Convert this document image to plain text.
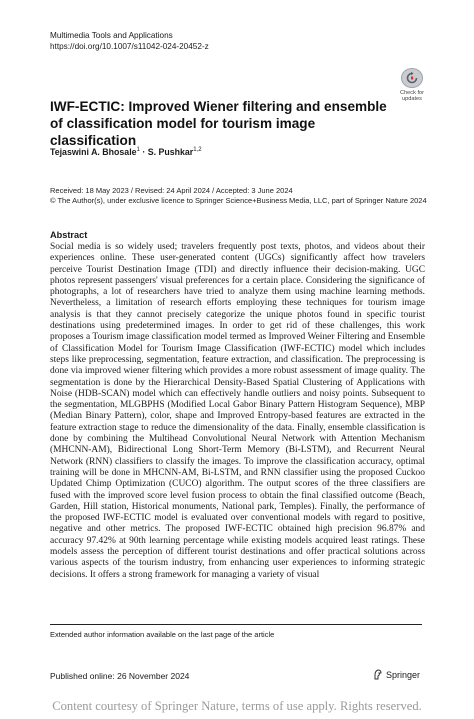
Multimedia Tools and Applications
https://doi.org/10.1007/s11042-024-20452-z
Check for
updates
IWF-ECTIC: Improved Wiener filtering and ensemble of classification model for tourism image classification
Tejaswini A. Bhosale$^1$ · S. Pushkar$^{1,2}$
Received: 18 May 2023 / Revised: 24 April 2024 / Accepted: 3 June 2024
© The Author(s), under exclusive licence to Springer Science+Business Media, LLC, part of Springer Nature 2024
Abstract
Social media is so widely used; travelers frequently post texts, photos, and videos about their experiences online. These user-generated content (UGCs) significantly affect how travelers perceive Tourist Destination Image (TDI) and directly influence their decision-making. UGC photos represent passengers' visual preferences for a certain place. Considering the significance of photographs, a lot of researchers have tried to analyze them using machine learning methods. Nevertheless, a limitation of research efforts employing these techniques for tourism image analysis is that they cannot precisely categorize the unique photos found in specific tourist destinations using predetermined images. In order to get rid of these challenges, this work proposes a Tourism image classification model termed as Improved Weiner Filtering and Ensemble of Classification Model for Tourism Image Classification (IWF-ECTIC) model which includes steps like preprocessing, segmentation, feature extraction, and classification. The preprocessing is done via improved wiener filtering which provides a more robust assessment of image quality. The segmentation is done by the Hierarchical Density-Based Spatial Clustering of Applications with Noise (HDB-SCAN) model which can effectively handle outliers and noisy points. Subsequent to the segmentation, MLGBPHS (Modified Local Gabor Binary Pattern Histogram Sequence), MBP (Median Binary Pattern), color, shape and Improved Entropy-based features are extracted in the feature extraction stage to reduce the dimensionality of the data. Finally, ensemble classification is done by combining the Multihead Convolutional Neural Network with Attention Mechanism (MHCNN-AM), Bidirectional Long Short-Term Memory (Bi-LSTM), and Recurrent Neural Network (RNN) classifiers to classify the images. To improve the classification accuracy, optimal training will be done in MHCNN-AM, Bi-LSTM, and RNN classifier using the proposed Cuckoo Updated Chimp Optimization (CUCO) algorithm. The output scores of the three classifiers are fused with the improved score level fusion process to obtain the final classified outcome (Beach, Garden, Hill station, Historical monuments, National park, Temples). Finally, the performance of the proposed IWF-ECTIC model is evaluated over conventional models with regard to positive, negative and other metrics. The proposed IWF-ECTIC obtained high precision 96.87% and accuracy 97.42% at 90th learning percentage while existing models acquired least ratings. These models assess the perception of different tourist destinations and offer practical solutions across various aspects of the tourism industry, from enhancing user experiences to informing strategic decisions. It offers a strong framework for managing a variety of visual
Extended author information available on the last page of the article
Published online: 26 November 2024	Springer
Content courtesy of Springer Nature, terms of use apply. Rights reserved.
